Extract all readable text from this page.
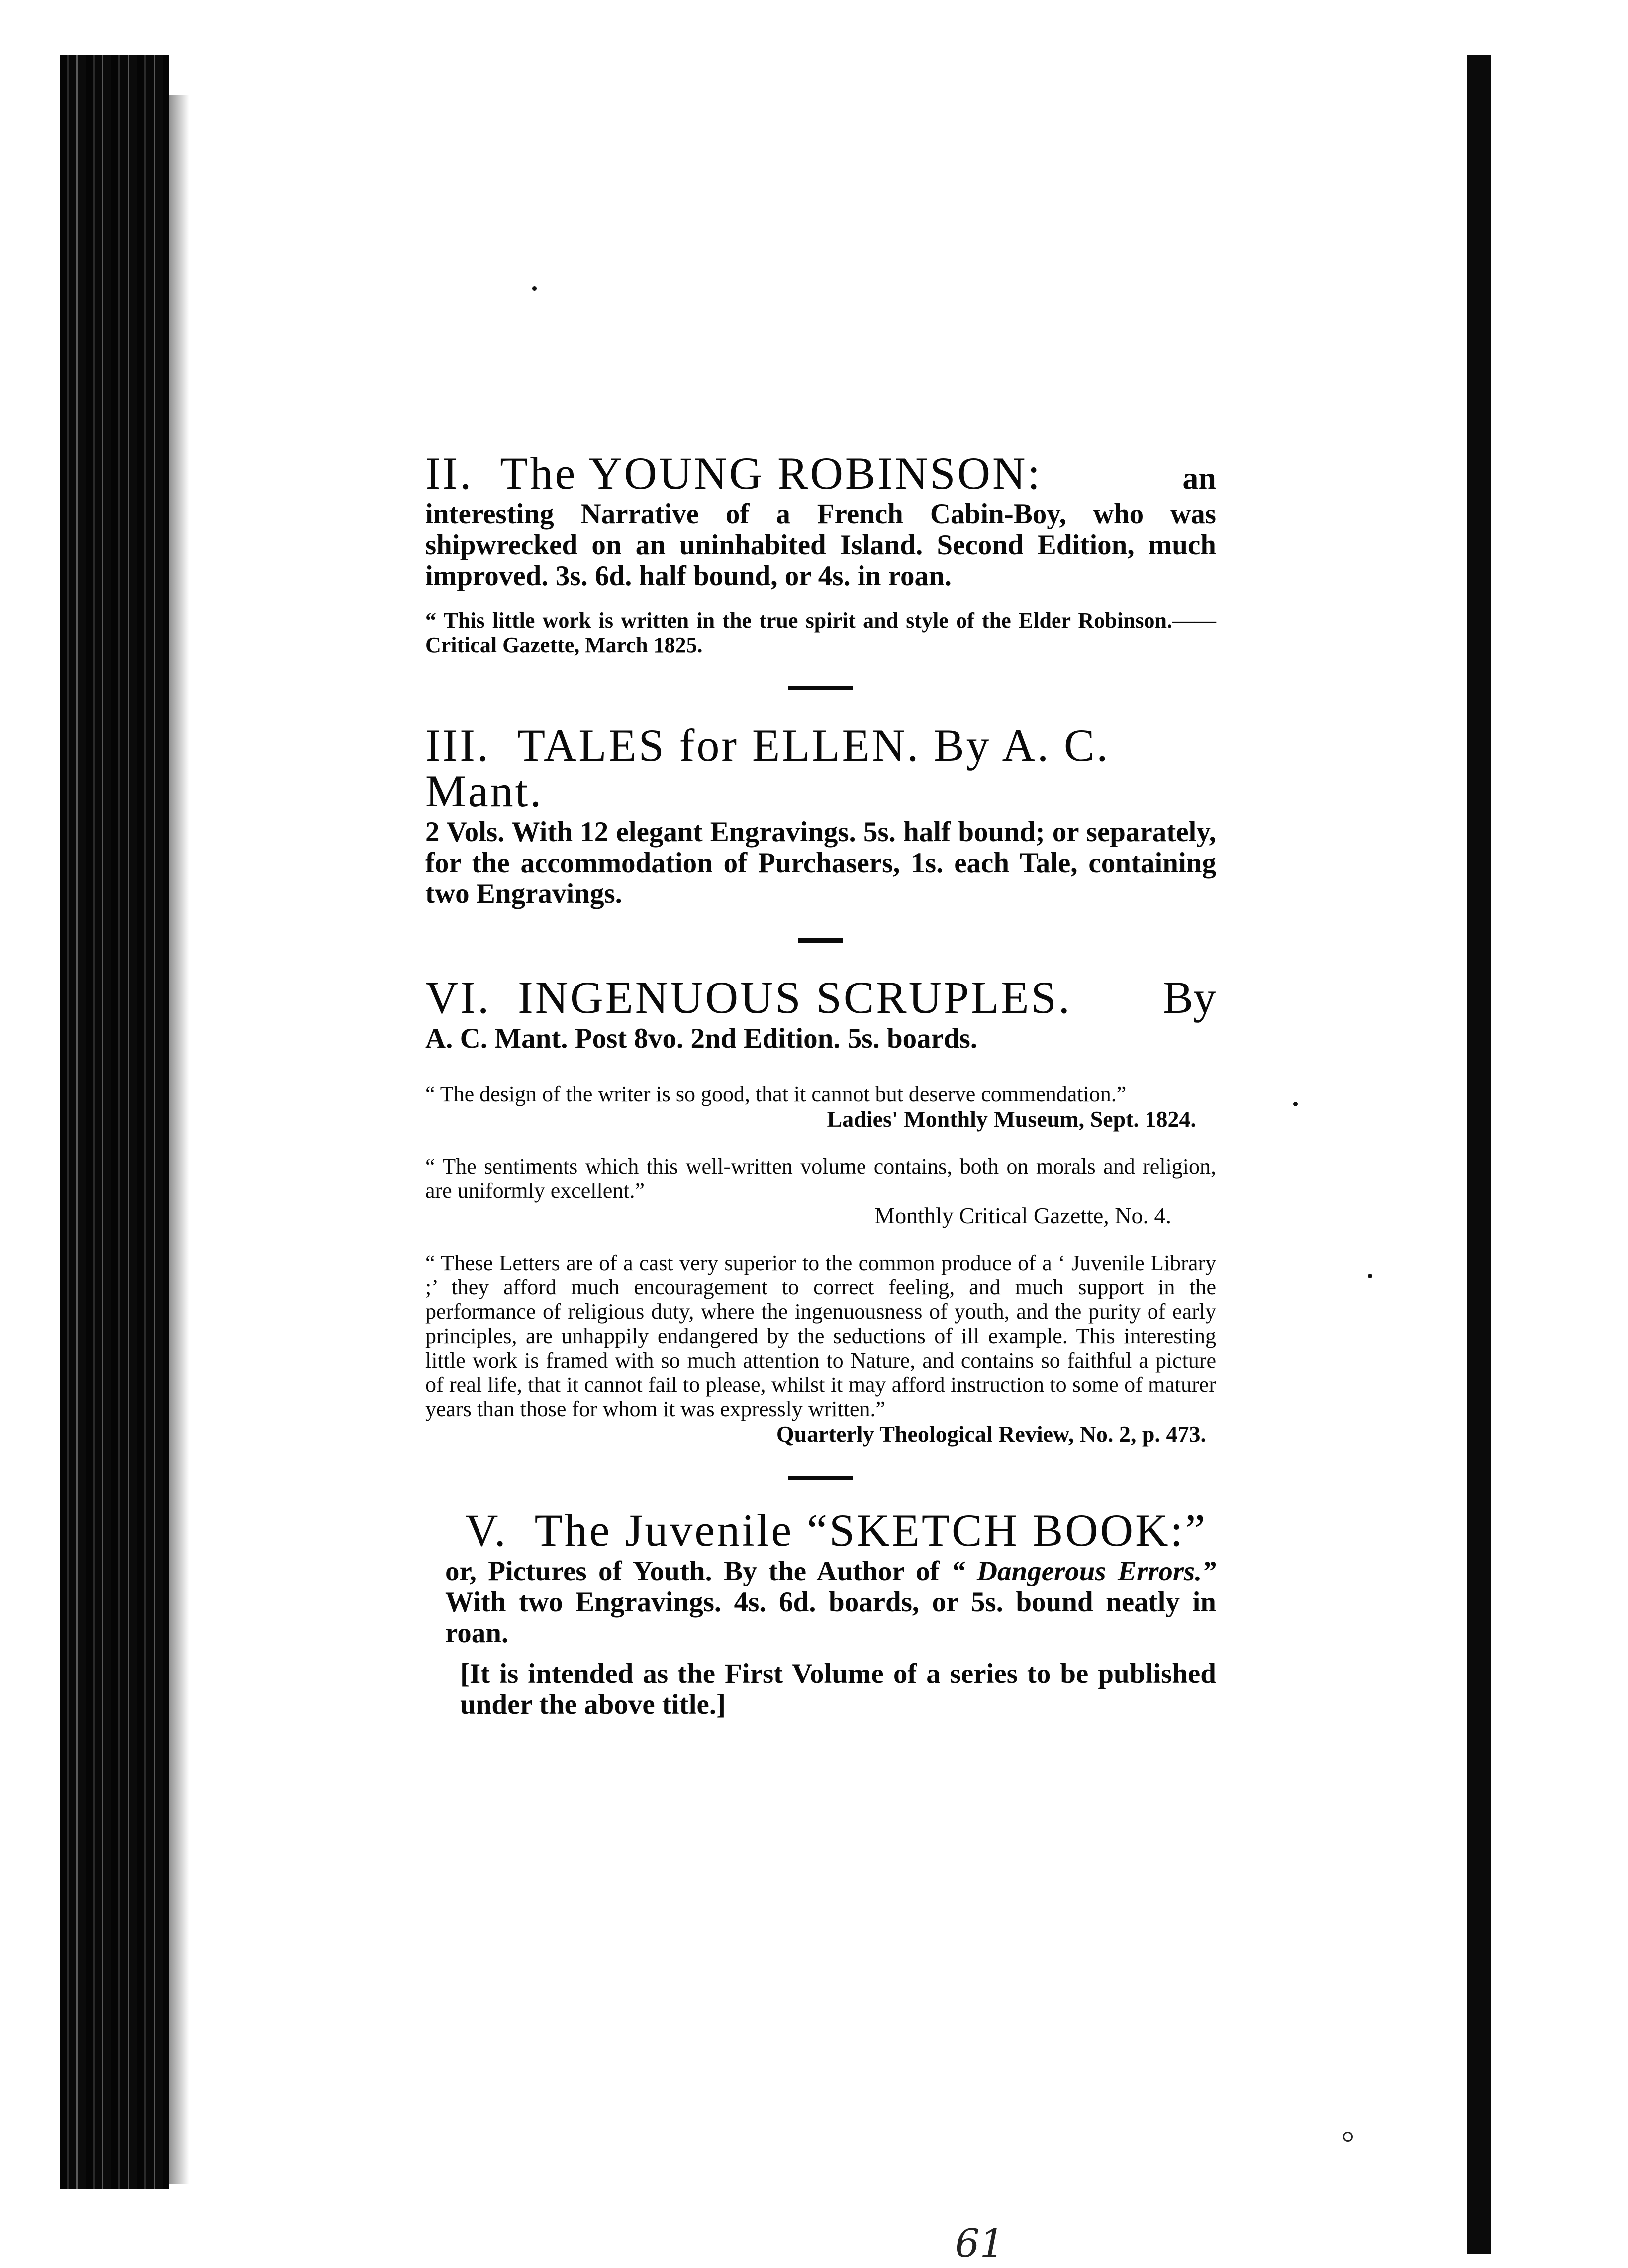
II. The YOUNG ROBINSON:	an

interesting Narrative of a French Cabin-Boy, who was shipwrecked on an uninhabited Island. Second Edition, much improved. 3s. 6d. half bound, or 4s. in roan.

“ This little work is written in the true spirit and style of the Elder Robinson.——Critical Gazette, March 1825.

III. TALES for ELLEN. By A. C. Mant.

2 Vols. With 12 elegant Engravings. 5s. half bound; or separately, for the accommodation of Purchasers, 1s. each Tale, containing two Engravings.

VI. INGENUOUS SCRUPLES. By

A. C. Mant. Post 8vo. 2nd Edition. 5s. boards.

“ The design of the writer is so good, that it cannot but deserve commendation.”

Ladies' Monthly Museum, Sept. 1824.

“ The sentiments which this well-written volume contains, both on morals and religion, are uniformly excellent.”

Monthly Critical Gazette, No. 4.

“ These Letters are of a cast very superior to the common produce of a ‘ Juvenile Library ;’ they afford much encouragement to correct feeling, and much support in the performance of religious duty, where the ingenuousness of youth, and the purity of early principles, are unhappily endangered by the seductions of ill example. This interesting little work is framed with so much attention to Nature, and contains so faithful a picture of real life, that it cannot fail to please, whilst it may afford instruction to some of maturer years than those for whom it was expressly written.”

Quarterly Theological Review, No. 2, p. 473.

V. The Juvenile “SKETCH BOOK:”

or, Pictures of Youth. By the Author of “ Dangerous Errors.” With two Engravings. 4s. 6d. boards, or 5s. bound neatly in roan.

[It is intended as the First Volume of a series to be published under the above title.]

61
